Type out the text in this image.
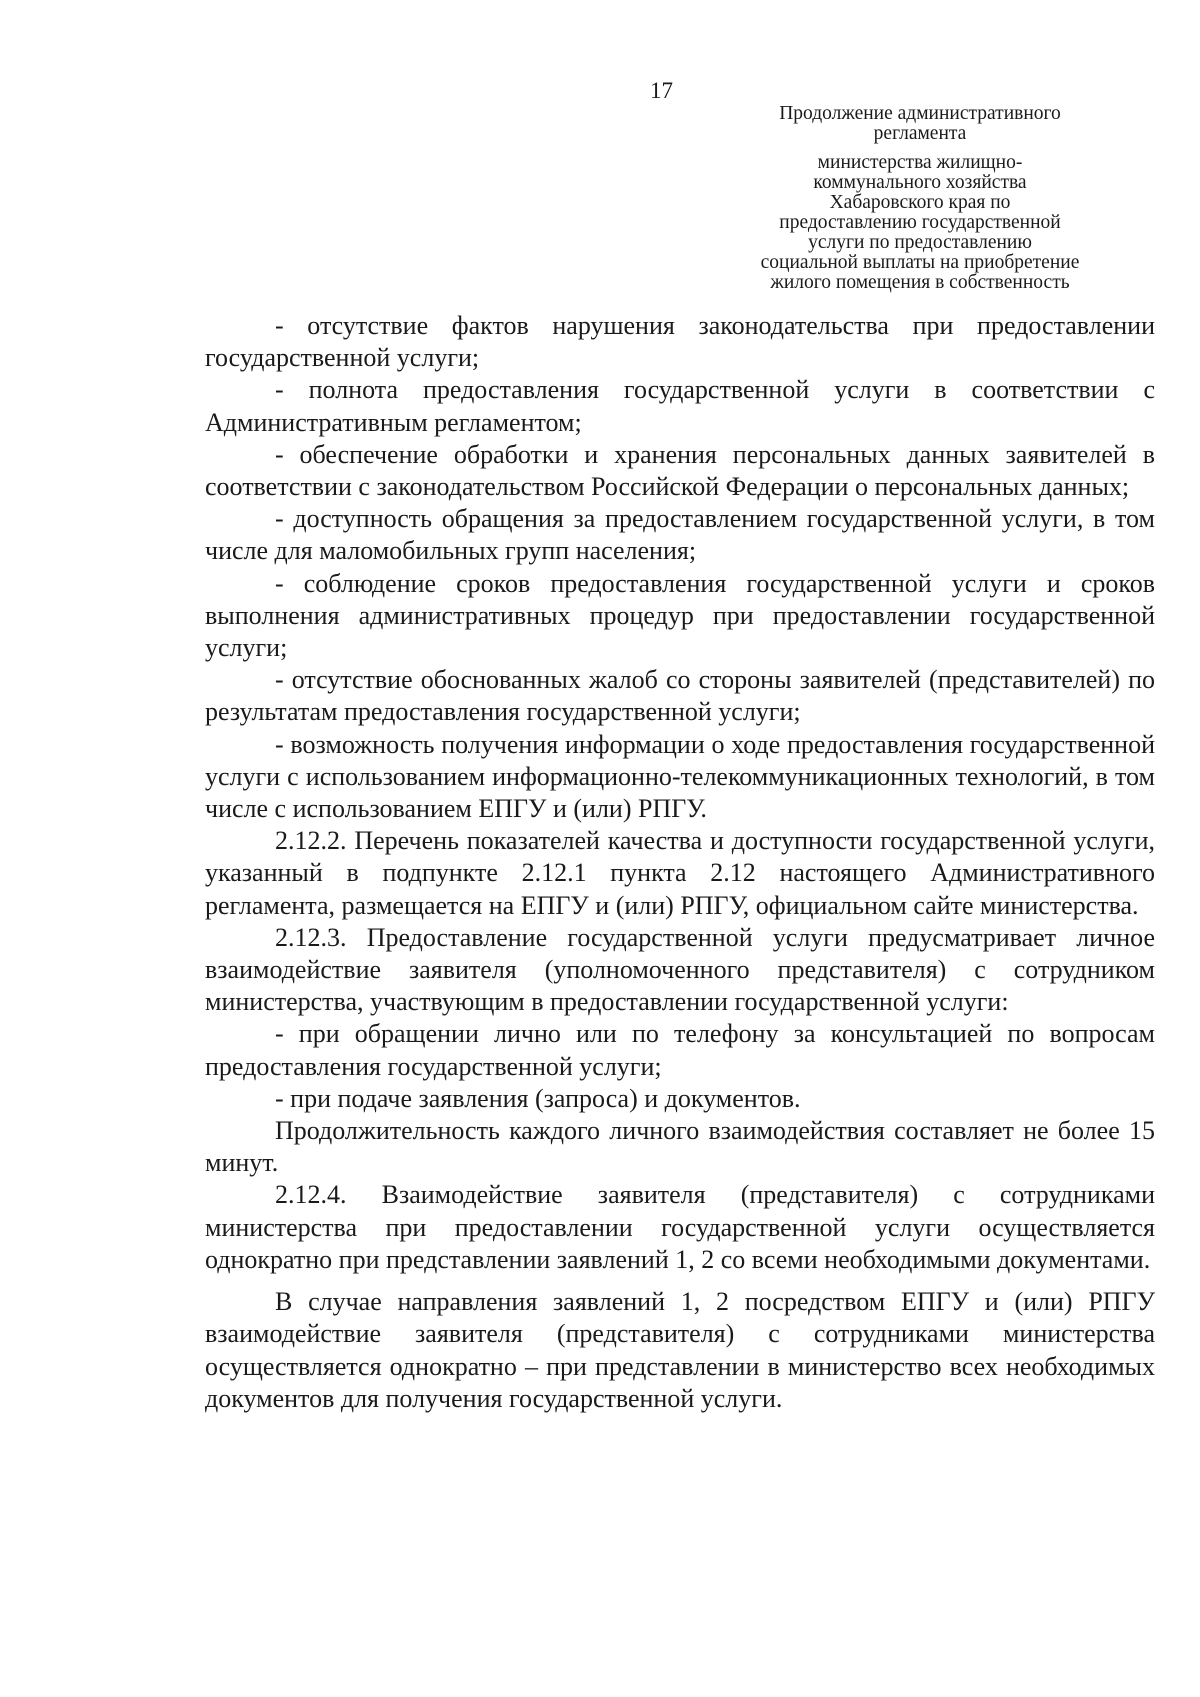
17
Продолжение административного
регламента
министерства жилищно-
коммунального хозяйства
Хабаровского края по
предоставлению государственной
услуги по предоставлению
социальной выплаты на приобретение
жилого помещения в собственность

- отсутствие фактов нарушения законодательства при предоставлении государственной услуги;

- полнота предоставления государственной услуги в соответствии с Административным регламентом;

- обеспечение обработки и хранения персональных данных заявителей в соответствии с законодательством Российской Федерации о персональных данных;

- доступность обращения за предоставлением государственной услуги, в том числе для маломобильных групп населения;

- соблюдение сроков предоставления государственной услуги и сроков выполнения административных процедур при предоставлении государственной услуги;

- отсутствие обоснованных жалоб со стороны заявителей (представителей) по результатам предоставления государственной услуги;

- возможность получения информации о ходе предоставления государственной услуги с использованием информационно-телекоммуникационных технологий, в том числе с использованием ЕПГУ и (или) РПГУ.

2.12.2. Перечень показателей качества и доступности государственной услуги, указанный в подпункте 2.12.1 пункта 2.12 настоящего Административного регламента, размещается на ЕПГУ и (или) РПГУ, официальном сайте министерства.

2.12.3. Предоставление государственной услуги предусматривает личное взаимодействие заявителя (уполномоченного представителя) с сотрудником министерства, участвующим в предоставлении государственной услуги:

- при обращении лично или по телефону за консультацией по вопросам предоставления государственной услуги;

- при подаче заявления (запроса) и документов.

Продолжительность каждого личного взаимодействия составляет не более 15 минут.

2.12.4. Взаимодействие заявителя (представителя) с сотрудниками министерства при предоставлении государственной услуги осуществляется однократно при представлении заявлений 1, 2 со всеми необходимыми документами.

В случае направления заявлений 1, 2 посредством ЕПГУ и (или) РПГУ взаимодействие заявителя (представителя) с сотрудниками министерства осуществляется однократно – при представлении в министерство всех необходимых документов для получения государственной услуги.
